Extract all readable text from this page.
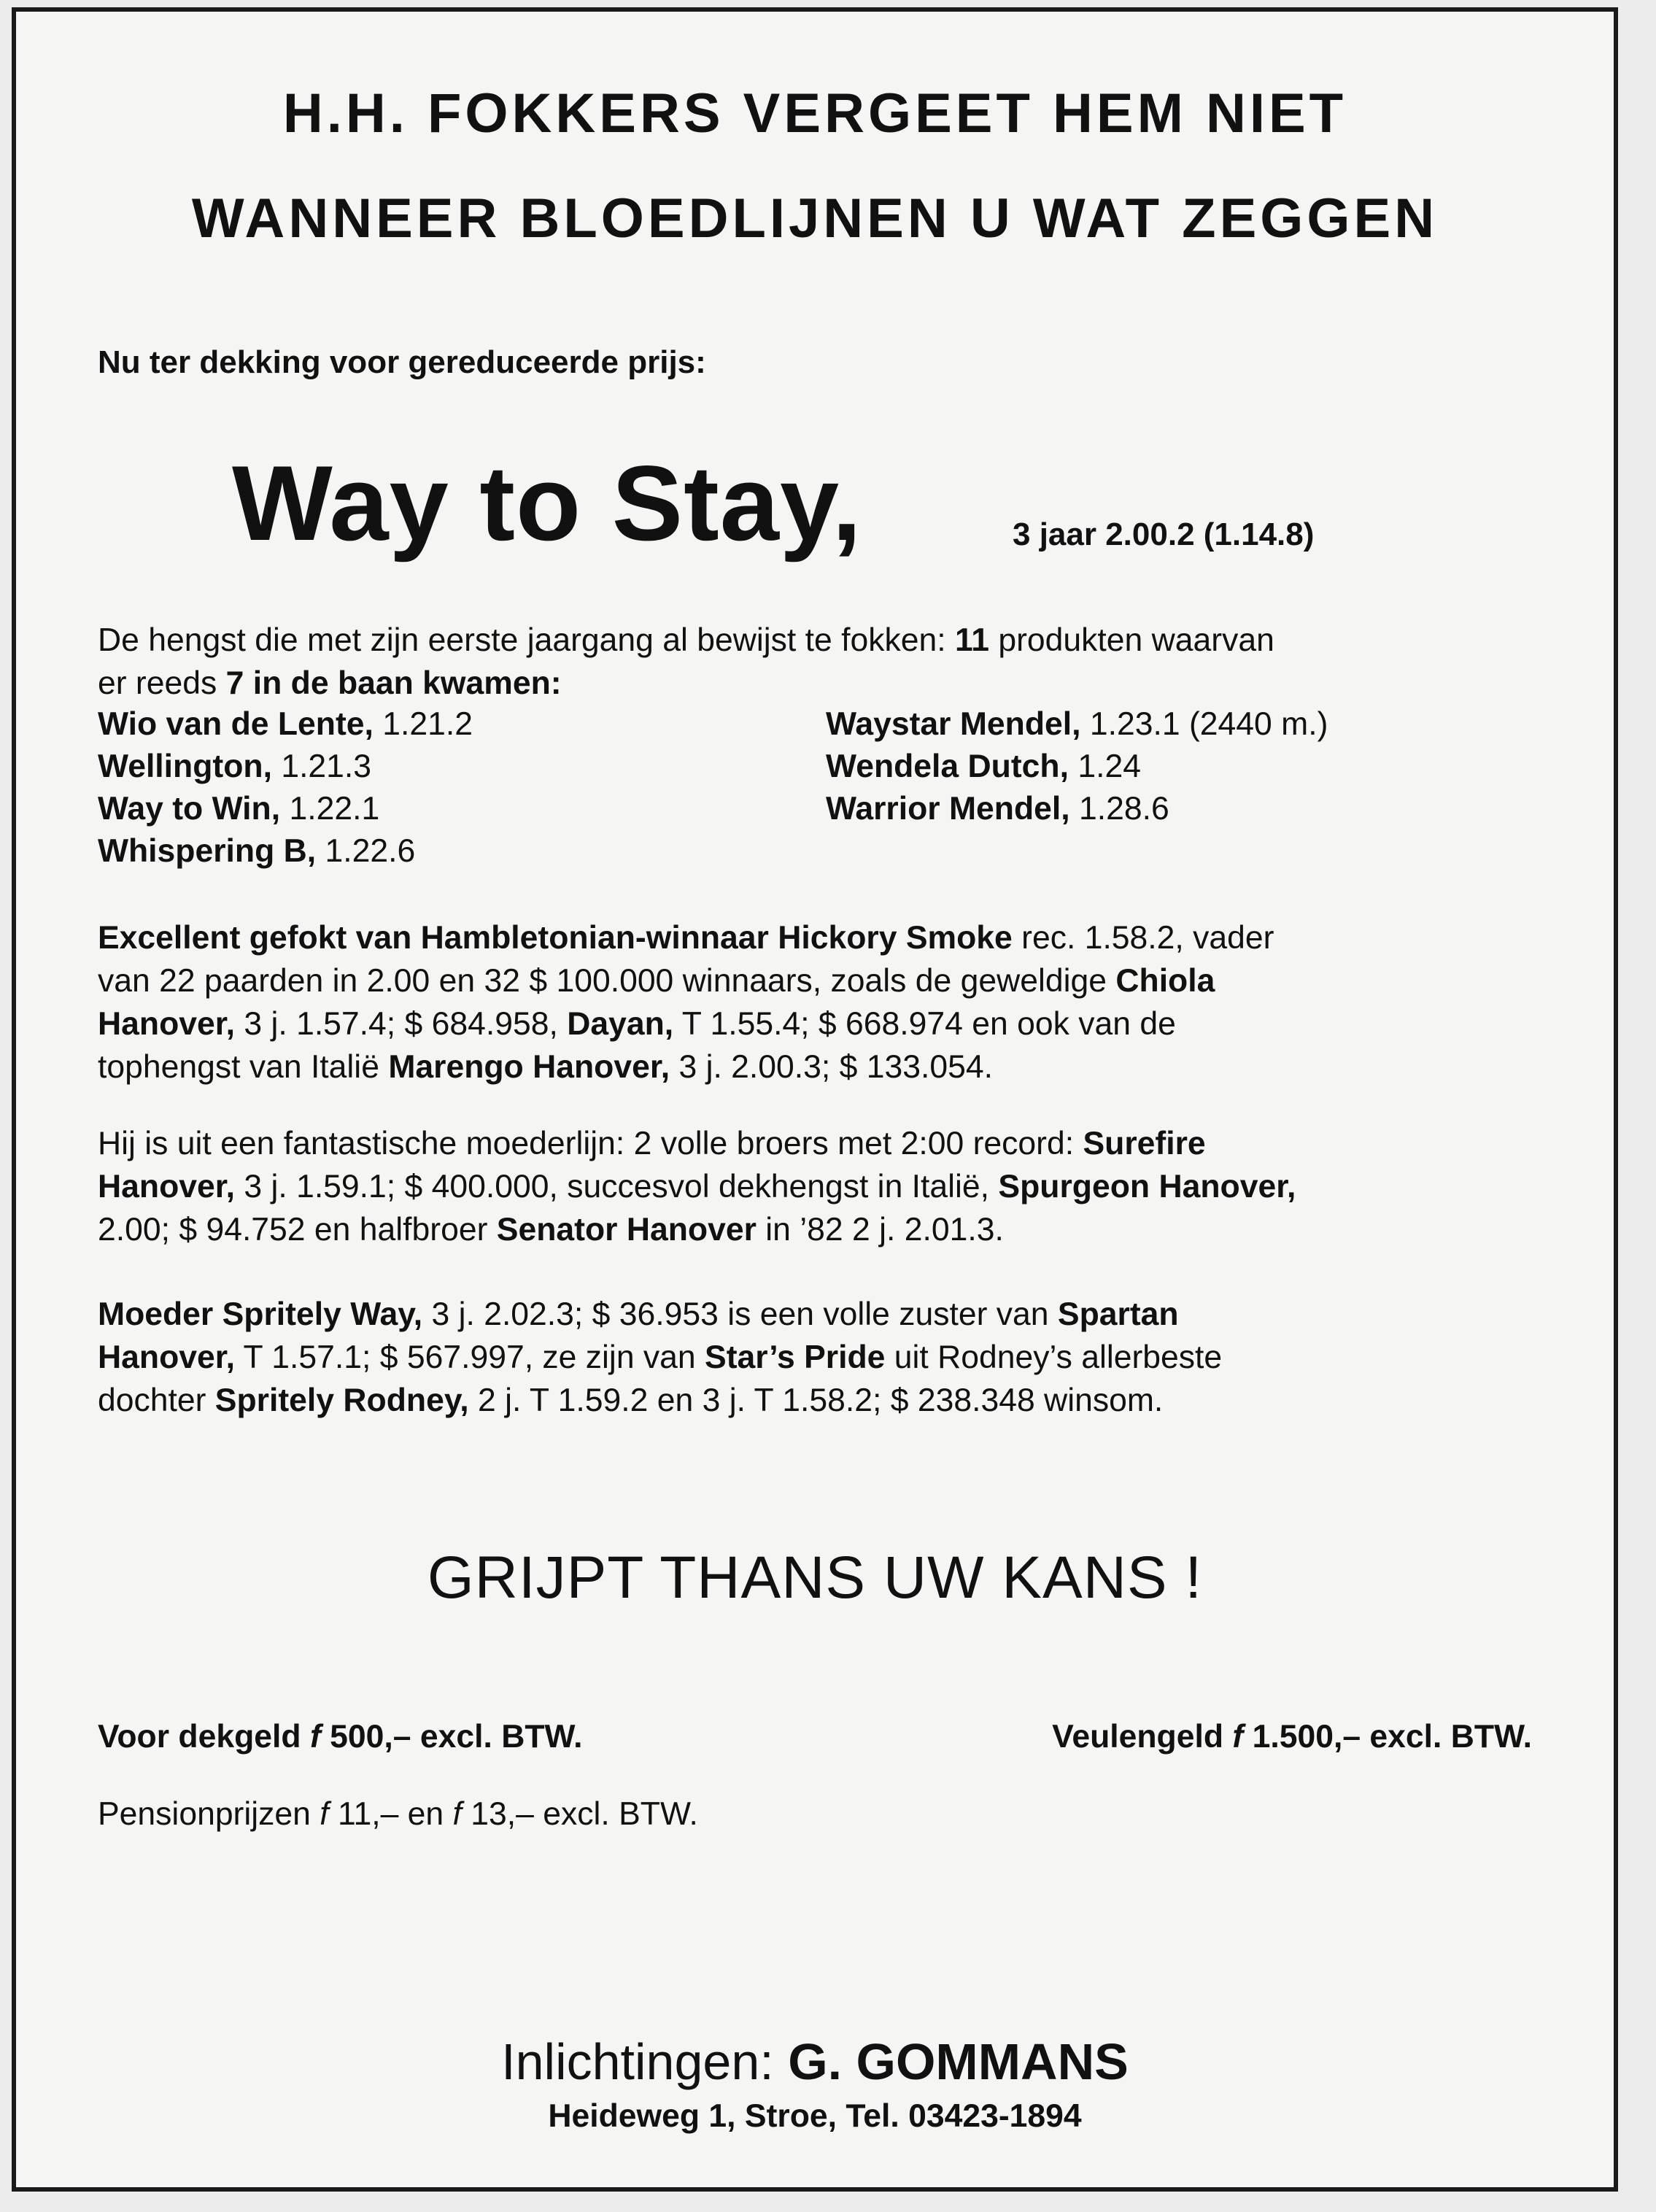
H.H. FOKKERS VERGEET HEM NIET
WANNEER BLOEDLIJNEN U WAT ZEGGEN
Nu ter dekking voor gereduceerde prijs:
Way to Stay,	3 jaar 2.00.2 (1.14.8)
De hengst die met zijn eerste jaargang al bewijst te fokken: 11 produkten waarvan
er reeds 7 in de baan kwamen:
Wio van de Lente, 1.21.2
Wellington, 1.21.3
Way to Win, 1.22.1
Whispering B, 1.22.6
Waystar Mendel, 1.23.1 (2440 m.)
Wendela Dutch, 1.24
Warrior Mendel, 1.28.6
Excellent gefokt van Hambletonian-winnaar Hickory Smoke rec. 1.58.2, vader
van 22 paarden in 2.00 en 32 $ 100.000 winnaars, zoals de geweldige Chiola
Hanover, 3 j. 1.57.4; $ 684.958, Dayan, T 1.55.4; $ 668.974 en ook van de
tophengst van Italië Marengo Hanover, 3 j. 2.00.3; $ 133.054.
Hij is uit een fantastische moederlijn: 2 volle broers met 2:00 record: Surefire
Hanover, 3 j. 1.59.1; $ 400.000, succesvol dekhengst in Italië, Spurgeon Hanover,
2.00; $ 94.752 en halfbroer Senator Hanover in ’82 2 j. 2.01.3.
Moeder Spritely Way, 3 j. 2.02.3; $ 36.953 is een volle zuster van Spartan
Hanover, T 1.57.1; $ 567.997, ze zijn van Star’s Pride uit Rodney’s allerbeste
dochter Spritely Rodney, 2 j. T 1.59.2 en 3 j. T 1.58.2; $ 238.348 winsom.
GRIJPT THANS UW KANS !
Voor dekgeld f 500,– excl. BTW.	Veulengeld f 1.500,– excl. BTW.
Pensionprijzen f 11,– en f 13,– excl. BTW.
Inlichtingen: G. GOMMANS
Heideweg 1, Stroe, Tel. 03423-1894
